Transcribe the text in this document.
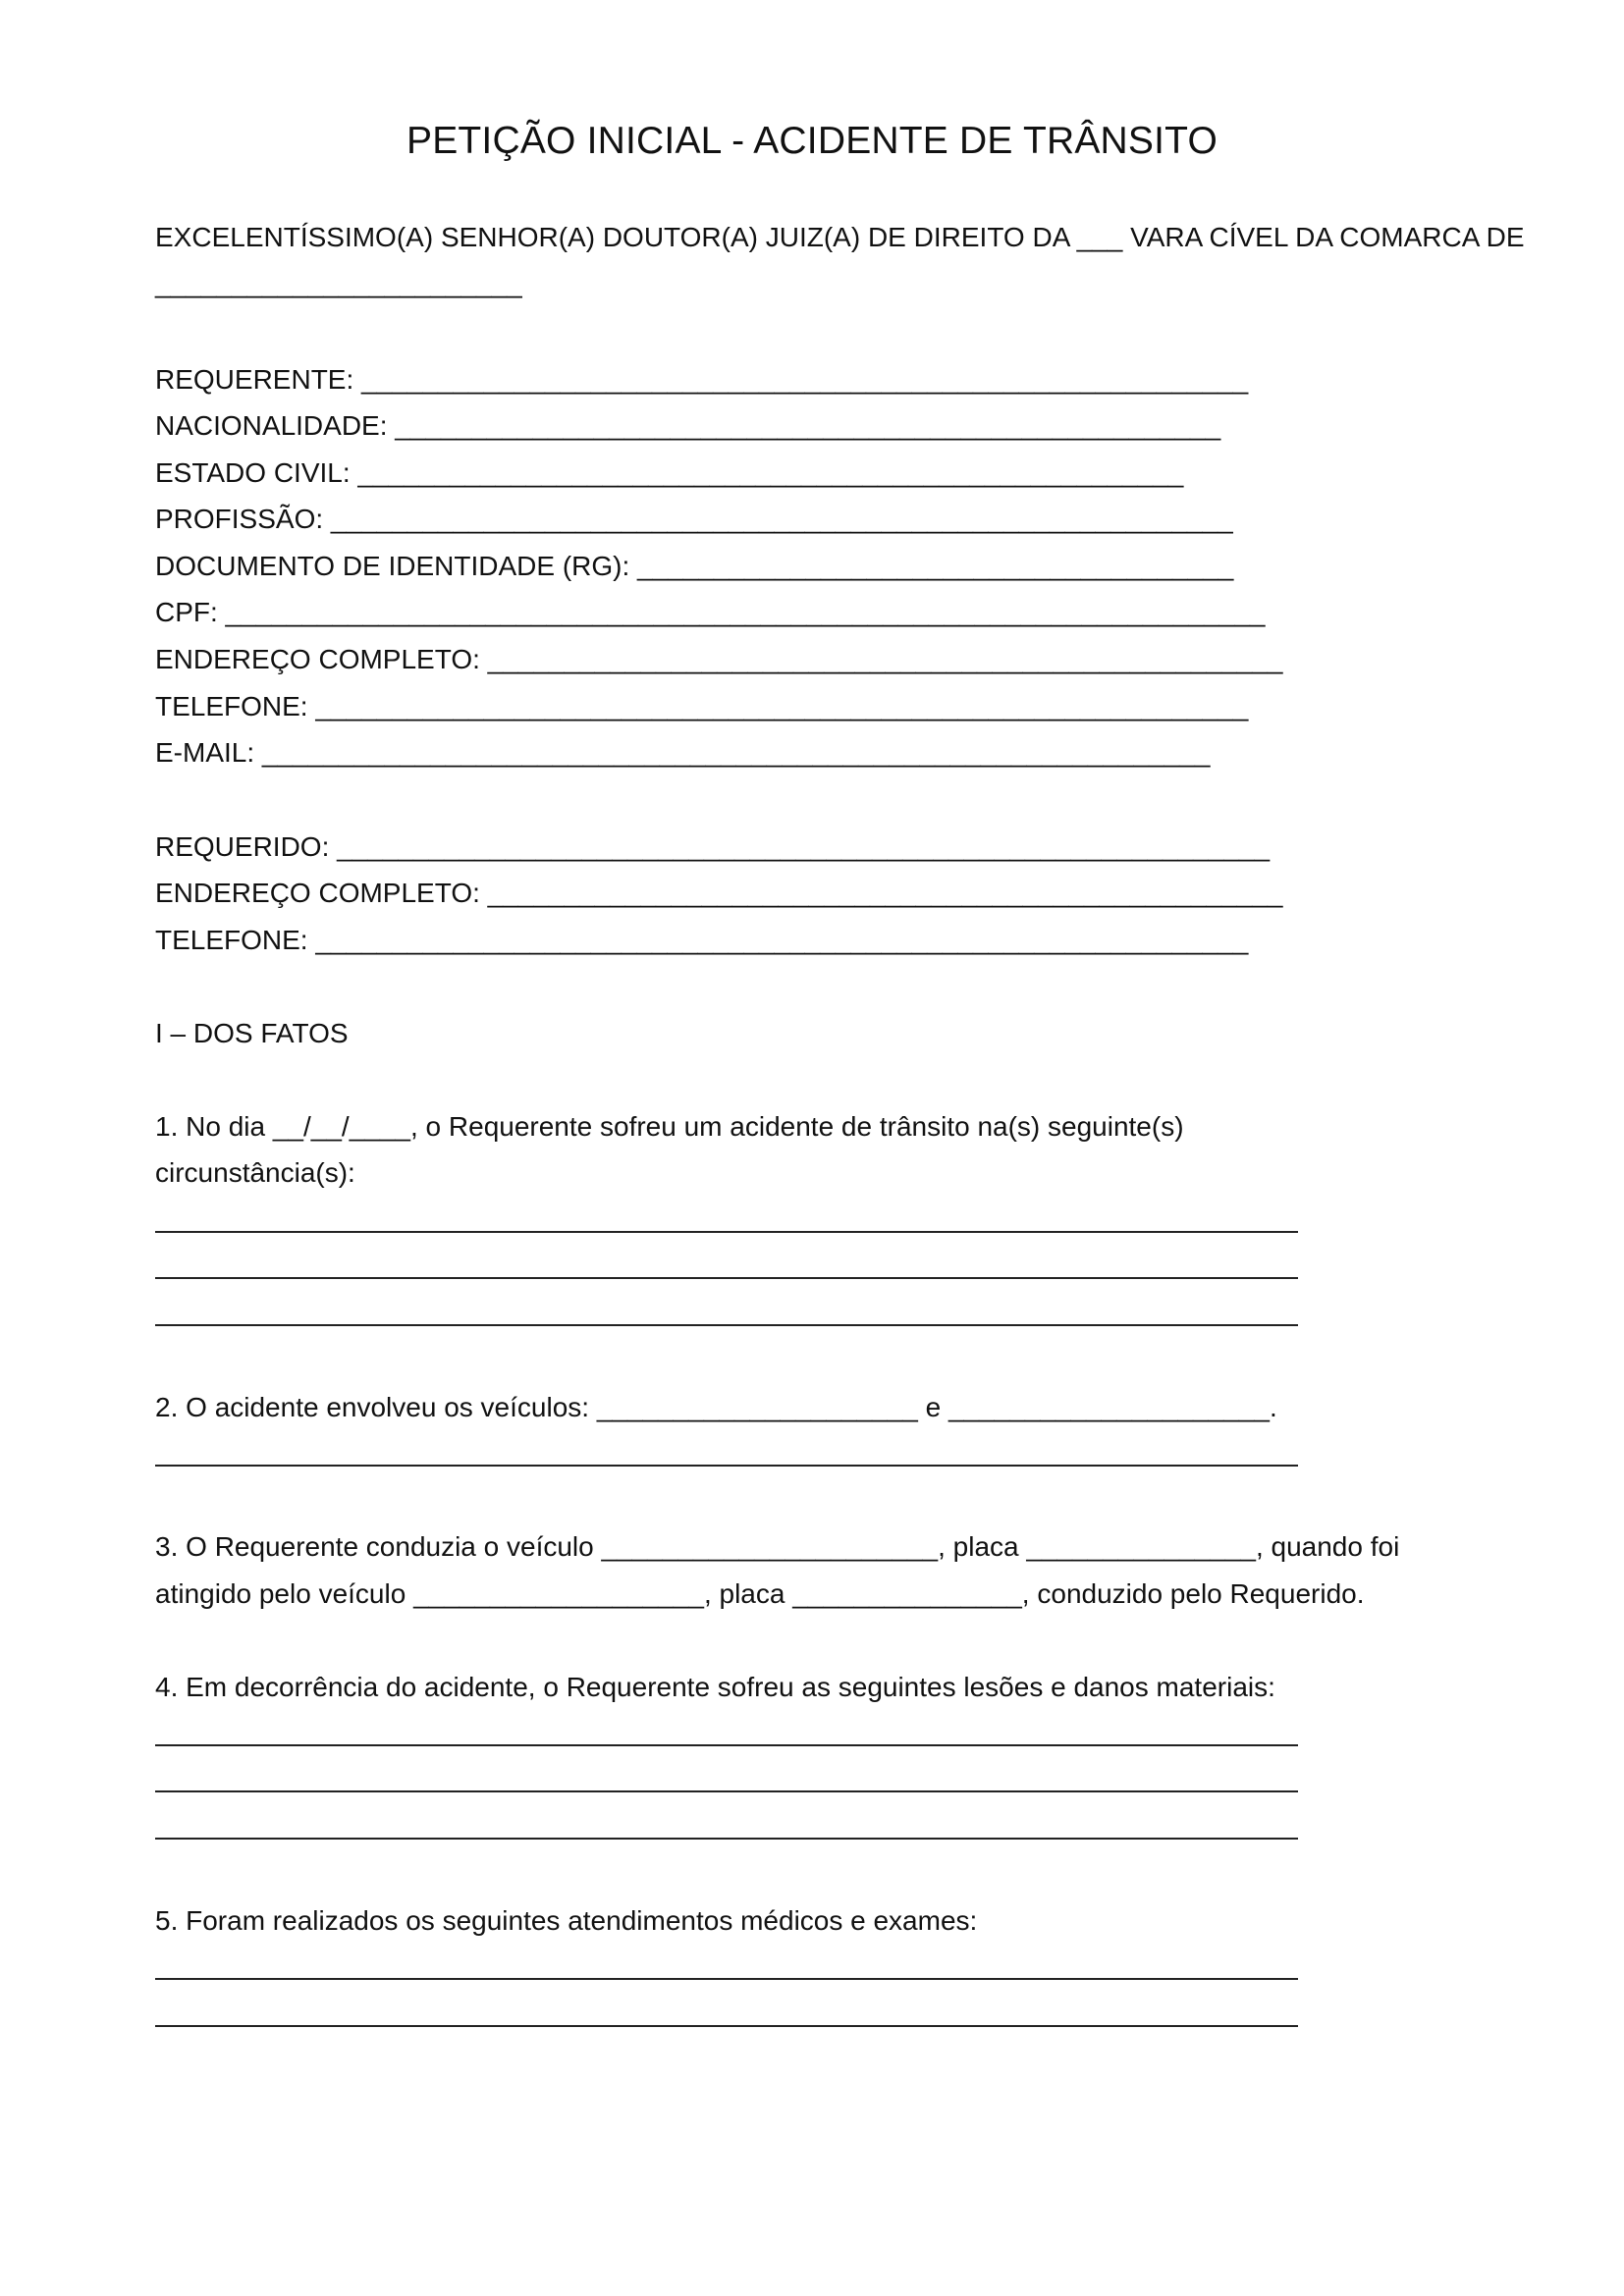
PETIÇÃO INICIAL - ACIDENTE DE TRÂNSITO
EXCELENTÍSSIMO(A) SENHOR(A) DOUTOR(A) JUIZ(A) DE DIREITO DA ___ VARA CÍVEL DA COMARCA DE
________________________
REQUERENTE: __________________________________________________________
NACIONALIDADE: ______________________________________________________
ESTADO CIVIL: ______________________________________________________
PROFISSÃO: ___________________________________________________________
DOCUMENTO DE IDENTIDADE (RG): _______________________________________
CPF: ____________________________________________________________________
ENDEREÇO COMPLETO: ____________________________________________________
TELEFONE: _____________________________________________________________
E-MAIL: ______________________________________________________________
REQUERIDO: _____________________________________________________________
ENDEREÇO COMPLETO: ____________________________________________________
TELEFONE: _____________________________________________________________
I – DOS FATOS
1. No dia __/__/____, o Requerente sofreu um acidente de trânsito na(s) seguinte(s)
circunstância(s):
2. O acidente envolveu os veículos: _____________________ e _____________________.
3. O Requerente conduzia o veículo ______________________, placa _______________, quando foi
atingido pelo veículo ___________________, placa _______________, conduzido pelo Requerido.
4. Em decorrência do acidente, o Requerente sofreu as seguintes lesões e danos materiais:
5. Foram realizados os seguintes atendimentos médicos e exames:
